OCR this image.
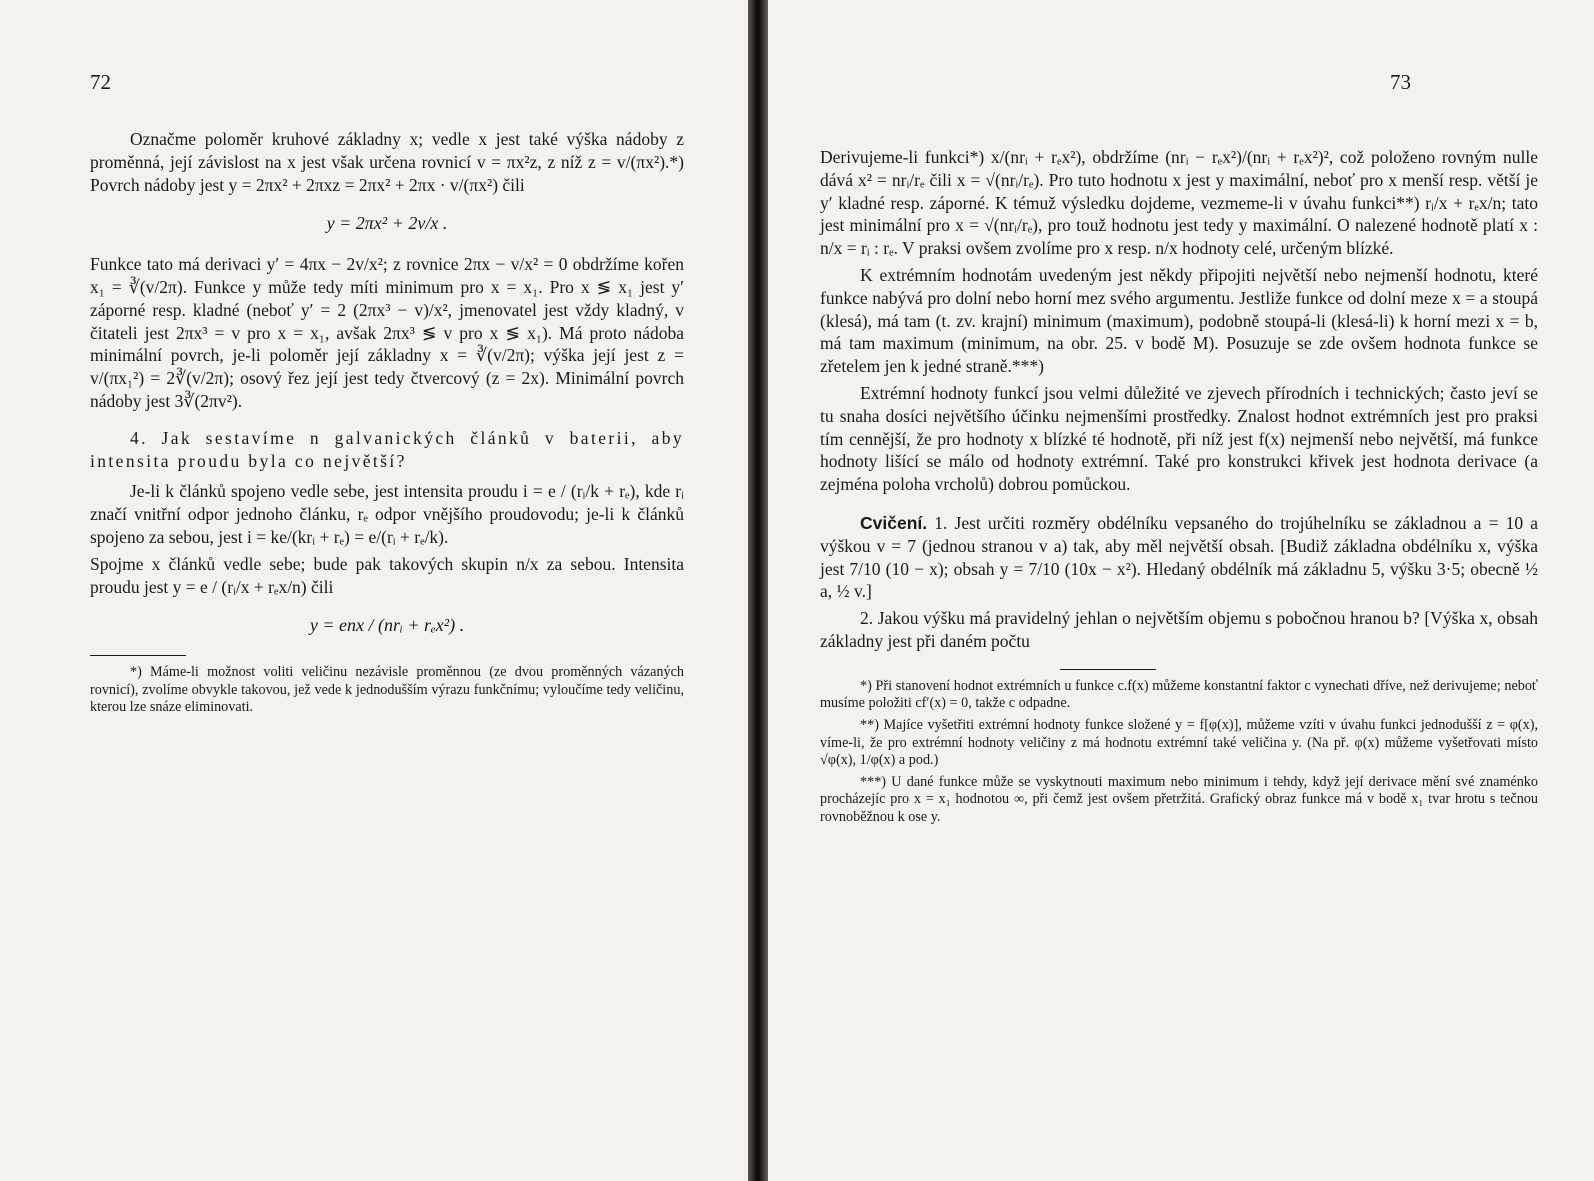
72

Označme poloměr kruhové základny x; vedle x jest také výška nádoby z proměnná, její závislost na x jest však určena rovnicí v = πx²z, z níž z = v/(πx²).*) Povrch nádoby jest y = 2πx² + 2πxz = 2πx² + 2πx · v/(πx²) čili

y = 2πx² + 2v/x .

Funkce tato má derivaci y′ = 4πx − 2v/x²; z rovnice 2πx − v/x² = 0 obdržíme kořen x₁ = ∛(v/2π). Funkce y může tedy míti minimum pro x = x₁. Pro x ≶ x₁ jest y′ záporné resp. kladné (neboť y′ = 2 (2πx³ − v)/x², jmenovatel jest vždy kladný, v čitateli jest 2πx³ = v pro x = x₁, avšak 2πx³ ≶ v pro x ≶ x₁). Má proto nádoba minimální povrch, je-li poloměr její základny x = ∛(v/2π); výška její jest z = v/(πx₁²) = 2∛(v/2π); osový řez její jest tedy čtvercový (z = 2x). Minimální povrch nádoby jest 3∛(2πv²).

4. Jak sestavíme n galvanických článků v baterii, aby intensita proudu byla co největší?

Je-li k článků spojeno vedle sebe, jest intensita proudu i = e / (rᵢ/k + rₑ), kde rᵢ značí vnitřní odpor jednoho článku, rₑ odpor vnějšího proudovodu; je-li k článků spojeno za sebou, jest i = ke/(krᵢ + rₑ) = e/(rᵢ + rₑ/k).

Spojme x článků vedle sebe; bude pak takových skupin n/x za sebou. Intensita proudu jest y = e / (rᵢ/x + rₑx/n) čili

y = enx / (nrᵢ + rₑx²) .

*) Máme-li možnost voliti veličinu nezávisle proměnnou (ze dvou proměnných vázaných rovnicí), zvolíme obvykle takovou, jež vede k jednodušším výrazu funkčnímu; vyloučíme tedy veličinu, kterou lze snáze eliminovati.

73

Derivujeme-li funkci*) x/(nrᵢ + rₑx²), obdržíme (nrᵢ − rₑx²)/(nrᵢ + rₑx²)², což položeno rovným nulle dává x² = nrᵢ/rₑ čili x = √(nrᵢ/rₑ). Pro tuto hodnotu x jest y maximální, neboť pro x menší resp. větší je y′ kladné resp. záporné. K témuž výsledku dojdeme, vezmeme-li v úvahu funkci**) rᵢ/x + rₑx/n; tato jest minimální pro x = √(nrᵢ/rₑ), pro touž hodnotu jest tedy y maximální. O nalezené hodnotě platí x : n/x = rᵢ : rₑ. V praksi ovšem zvolíme pro x resp. n/x hodnoty celé, určeným blízké.

K extrémním hodnotám uvedeným jest někdy připojiti největší nebo nejmenší hodnotu, které funkce nabývá pro dolní nebo horní mez svého argumentu. Jestliže funkce od dolní meze x = a stoupá (klesá), má tam (t. zv. krajní) minimum (maximum), podobně stoupá-li (klesá-li) k horní mezi x = b, má tam maximum (minimum, na obr. 25. v bodě M). Posuzuje se zde ovšem hodnota funkce se zřetelem jen k jedné straně.***)

Extrémní hodnoty funkcí jsou velmi důležité ve zjevech přírodních i technických; často jeví se tu snaha dosíci největšího účinku nejmenšími prostředky. Znalost hodnot extrémních jest pro praksi tím cennější, že pro hodnoty x blízké té hodnotě, při níž jest f(x) nejmenší nebo největší, má funkce hodnoty lišící se málo od hodnoty extrémní. Také pro konstrukci křivek jest hodnota derivace (a zejména poloha vrcholů) dobrou pomůckou.

Cvičení. 1. Jest určiti rozměry obdélníku vepsaného do trojúhelníku se základnou a = 10 a výškou v = 7 (jednou stranou v a) tak, aby měl největší obsah. [Budiž základna obdélníku x, výška jest 7/10 (10 − x); obsah y = 7/10 (10x − x²). Hledaný obdélník má základnu 5, výšku 3·5; obecně ½ a, ½ v.]

2. Jakou výšku má pravidelný jehlan o největším objemu s pobočnou hranou b? [Výška x, obsah základny jest při daném počtu

*) Při stanovení hodnot extrémních u funkce c.f(x) můžeme konstantní faktor c vynechati dříve, než derivujeme; neboť musíme položiti cf′(x) = 0, takže c odpadne.

**) Majíce vyšetřiti extrémní hodnoty funkce složené y = f[φ(x)], můžeme vzíti v úvahu funkci jednodušší z = φ(x), víme-li, že pro extrémní hodnoty veličiny z má hodnotu extrémní také veličina y. (Na př. φ(x) můžeme vyšetřovati místo √φ(x), 1/φ(x) a pod.)

***) U dané funkce může se vyskytnouti maximum nebo minimum i tehdy, když její derivace mění své znaménko procházejíc pro x = x₁ hodnotou ∞, při čemž jest ovšem přetržitá. Grafický obraz funkce má v bodě x₁ tvar hrotu s tečnou rovnoběžnou k ose y.
